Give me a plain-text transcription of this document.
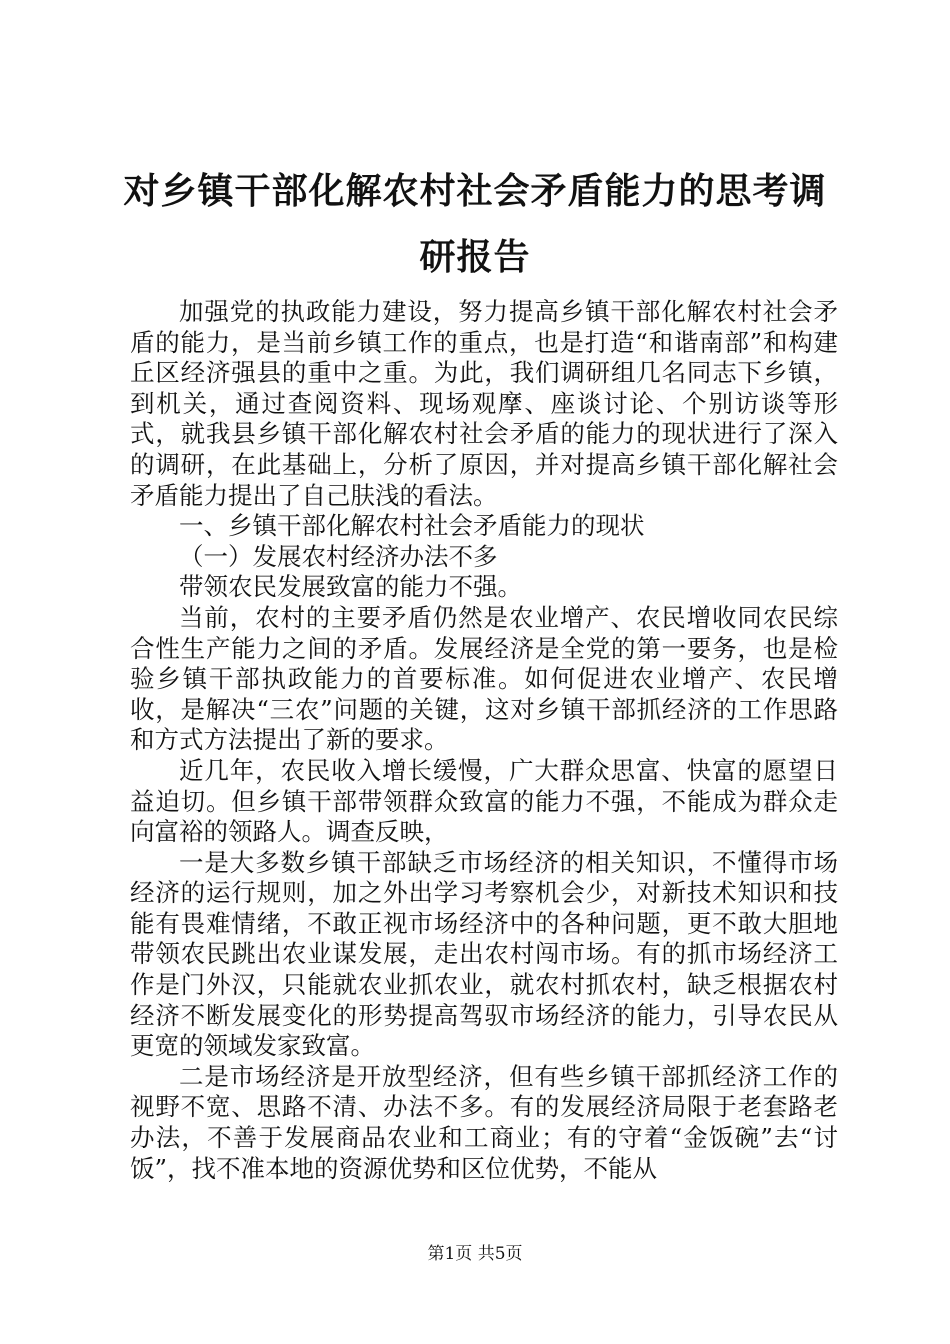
对乡镇干部化解农村社会矛盾能力的思考调研报告

加强党的执政能力建设，努力提高乡镇干部化解农村社会矛盾的能力，是当前乡镇工作的重点，也是打造“和谐南部”和构建丘区经济强县的重中之重。为此，我们调研组几名同志下乡镇，到机关，通过查阅资料、现场观摩、座谈讨论、个别访谈等形式，就我县乡镇干部化解农村社会矛盾的能力的现状进行了深入的调研，在此基础上，分析了原因，并对提高乡镇干部化解社会矛盾能力提出了自己肤浅的看法。

一、乡镇干部化解农村社会矛盾能力的现状

（一）发展农村经济办法不多

带领农民发展致富的能力不强。

当前，农村的主要矛盾仍然是农业增产、农民增收同农民综合性生产能力之间的矛盾。发展经济是全党的第一要务，也是检验乡镇干部执政能力的首要标准。如何促进农业增产、农民增收，是解决“三农”问题的关键，这对乡镇干部抓经济的工作思路和方式方法提出了新的要求。

近几年，农民收入增长缓慢，广大群众思富、快富的愿望日益迫切。但乡镇干部带领群众致富的能力不强，不能成为群众走向富裕的领路人。调查反映，

一是大多数乡镇干部缺乏市场经济的相关知识，不懂得市场经济的运行规则，加之外出学习考察机会少，对新技术知识和技能有畏难情绪，不敢正视市场经济中的各种问题，更不敢大胆地带领农民跳出农业谋发展，走出农村闯市场。有的抓市场经济工作是门外汉，只能就农业抓农业，就农村抓农村，缺乏根据农村经济不断发展变化的形势提高驾驭市场经济的能力，引导农民从更宽的领域发家致富。

二是市场经济是开放型经济，但有些乡镇干部抓经济工作的视野不宽、思路不清、办法不多。有的发展经济局限于老套路老办法，不善于发展商品农业和工商业；有的守着“金饭碗”去“讨饭”，找不准本地的资源优势和区位优势，不能从

第1页 共5页
